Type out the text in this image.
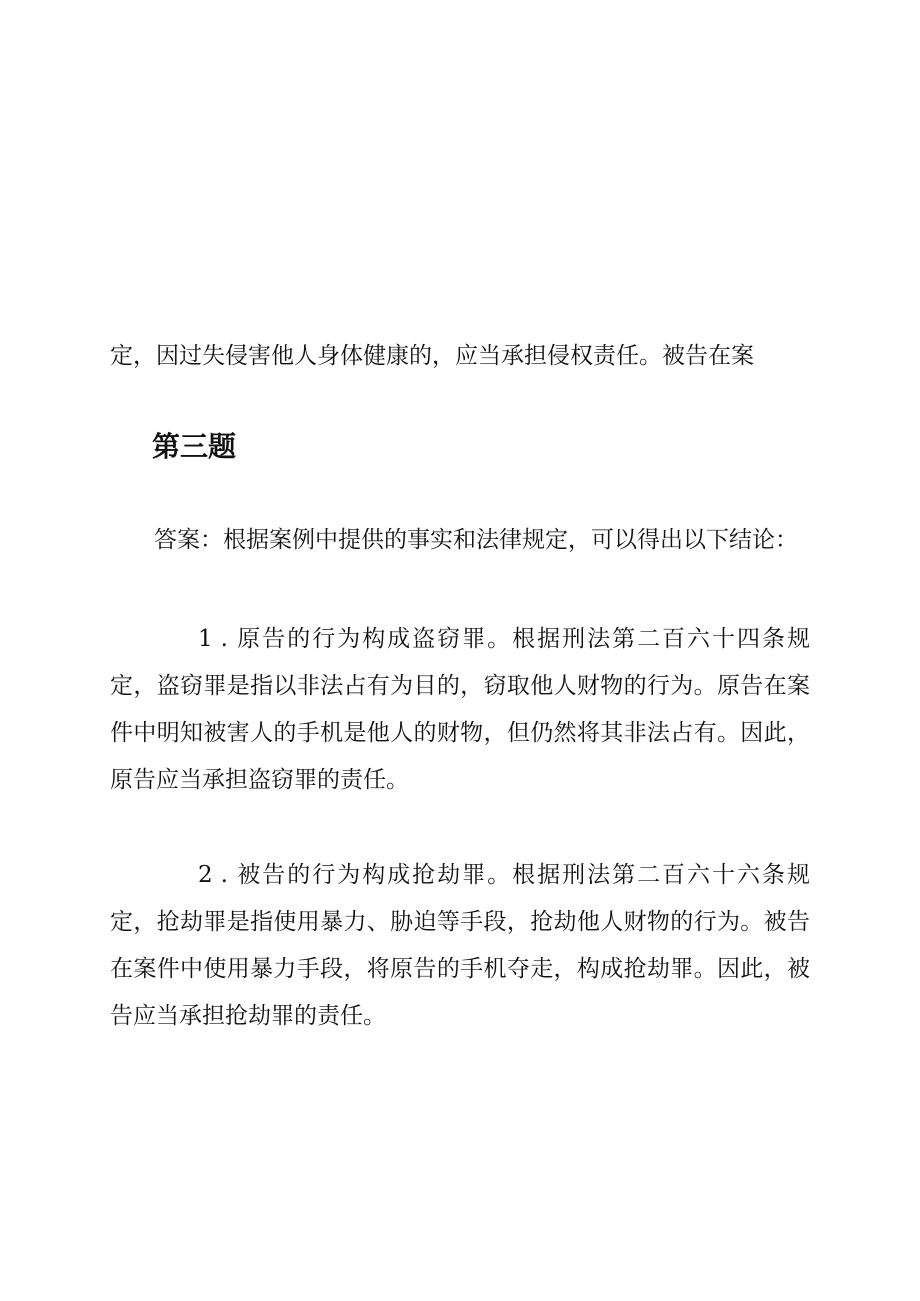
定，因过失侵害他人身体健康的，应当承担侵权责任。被告在案
第三题
答案：根据案例中提供的事实和法律规定，可以得出以下结论：
1 . 原告的行为构成盗窃罪。根据刑法第二百六十四条规定，盗窃罪是指以非法占有为目的，窃取他人财物的行为。原告在案件中明知被害人的手机是他人的财物，但仍然将其非法占有。因此，原告应当承担盗窃罪的责任。
2 . 被告的行为构成抢劫罪。根据刑法第二百六十六条规定，抢劫罪是指使用暴力、胁迫等手段，抢劫他人财物的行为。被告在案件中使用暴力手段，将原告的手机夺走，构成抢劫罪。因此，被告应当承担抢劫罪的责任。
